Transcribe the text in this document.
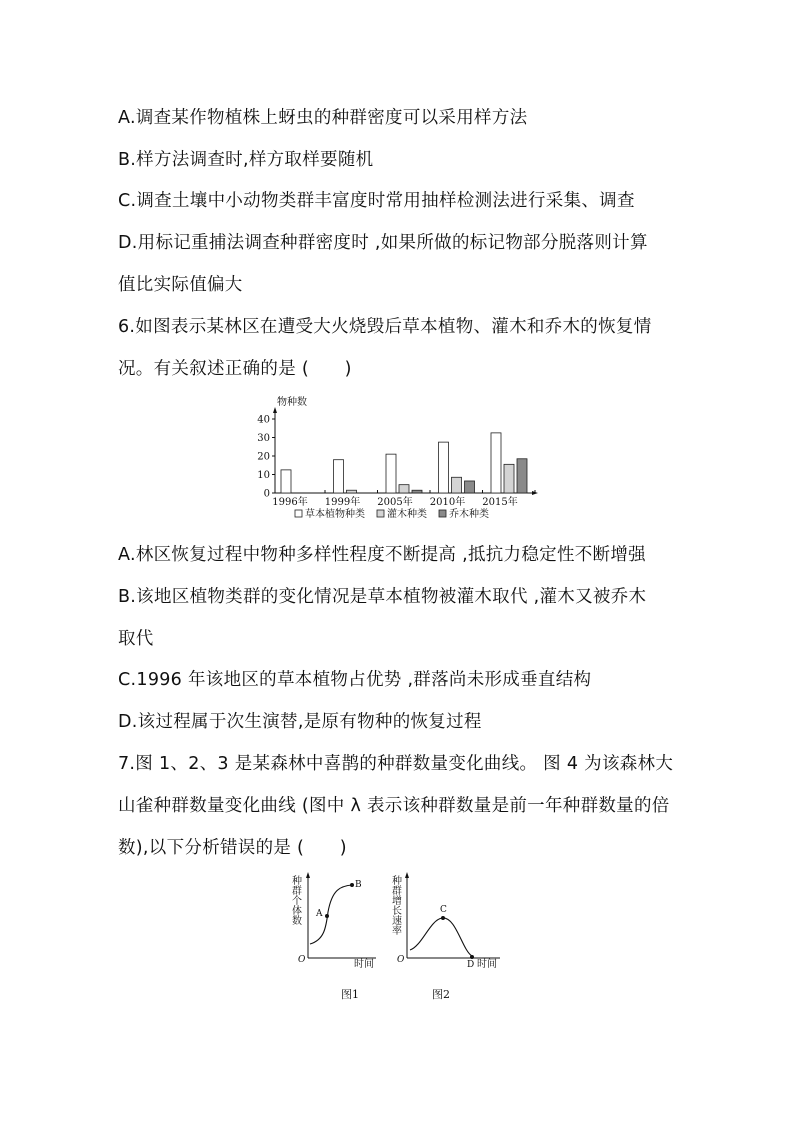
A.调查某作物植株上蚜虫的种群密度可以采用样方法
B.样方法调查时,样方取样要随机
C.调查土壤中小动物类群丰富度时常用抽样检测法进行采集、调查
D.用标记重捕法调查种群密度时 ,如果所做的标记物部分脱落则计算
值比实际值偏大
6.如图表示某林区在遭受大火烧毁后草本植物、灌木和乔木的恢复情
况。有关叙述正确的是 (　　)
物种数
0
10
20
30
40
1996年 1999年 2005年 2010年 2015年
草本植物种类 灌木种类 乔木种类
A.林区恢复过程中物种多样性程度不断提高 ,抵抗力稳定性不断增强
B.该地区植物类群的变化情况是草本植物被灌木取代 ,灌木又被乔木
取代
C.1996 年该地区的草本植物占优势 ,群落尚未形成垂直结构
D.该过程属于次生演替,是原有物种的恢复过程
7.图 1、2、3 是某森林中喜鹊的种群数量变化曲线。 图 4 为该森林大
山雀种群数量变化曲线 (图中 λ 表示该种群数量是前一年种群数量的倍
数),以下分析错误的是 (　　)
种群个体数
A
B
O	时间
种群增长速率
C
D
O	时间
图1	图2
